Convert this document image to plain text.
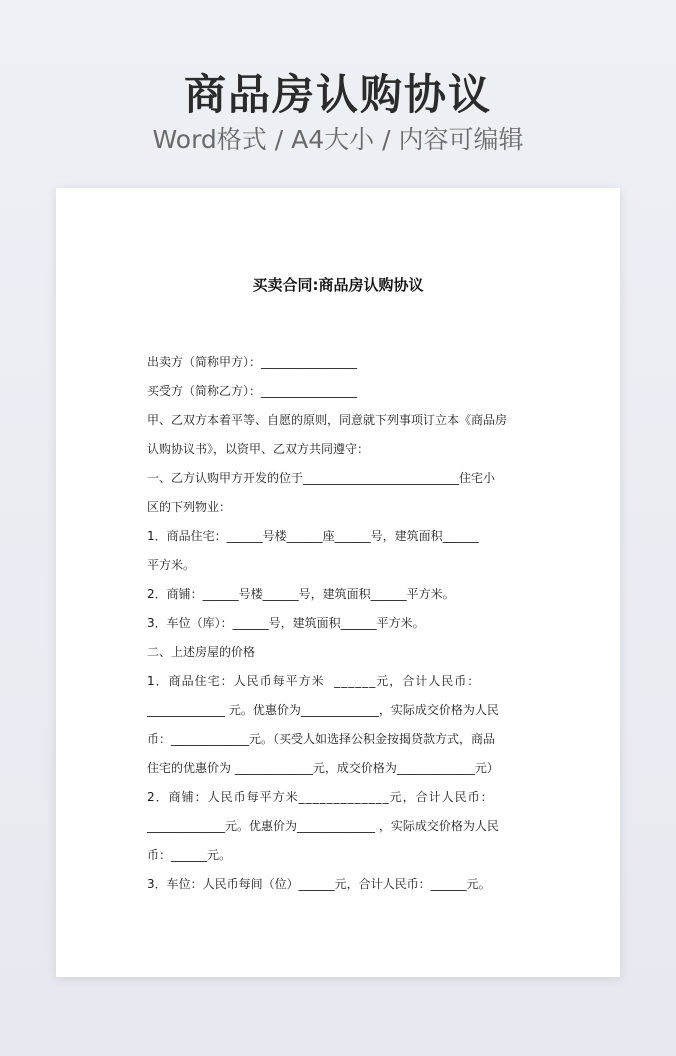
商品房认购协议
Word格式 / A4大小 / 内容可编辑
买卖合同:商品房认购协议
出卖方（简称甲方）：________________
买受方（简称乙方）：________________
甲、乙双方本着平等、自愿的原则，同意就下列事项订立本《商品房
认购协议书》，以资甲、乙双方共同遵守：
一、乙方认购甲方开发的位于__________________________住宅小
区的下列物业：
1．商品住宅：______号楼______座______号，建筑面积______
平方米。
2．商铺：______号楼______号，建筑面积______平方米。
3．车位（库）：______号，建筑面积______平方米。
二、上述房屋的价格
1．商品住宅：人民币每平方米  ______元，合计人民币：
_____________ 元。优惠价为_____________，实际成交价格为人民
币：_____________元。（买受人如选择公积金按揭贷款方式，商品
住宅的优惠价为 _____________元，成交价格为_____________元）
2．商铺：人民币每平方米_____________元，合计人民币：
_____________元。优惠价为_____________ ，实际成交价格为人民
币：______元。
3．车位：人民币每间（位）______元，合计人民币：______元。
